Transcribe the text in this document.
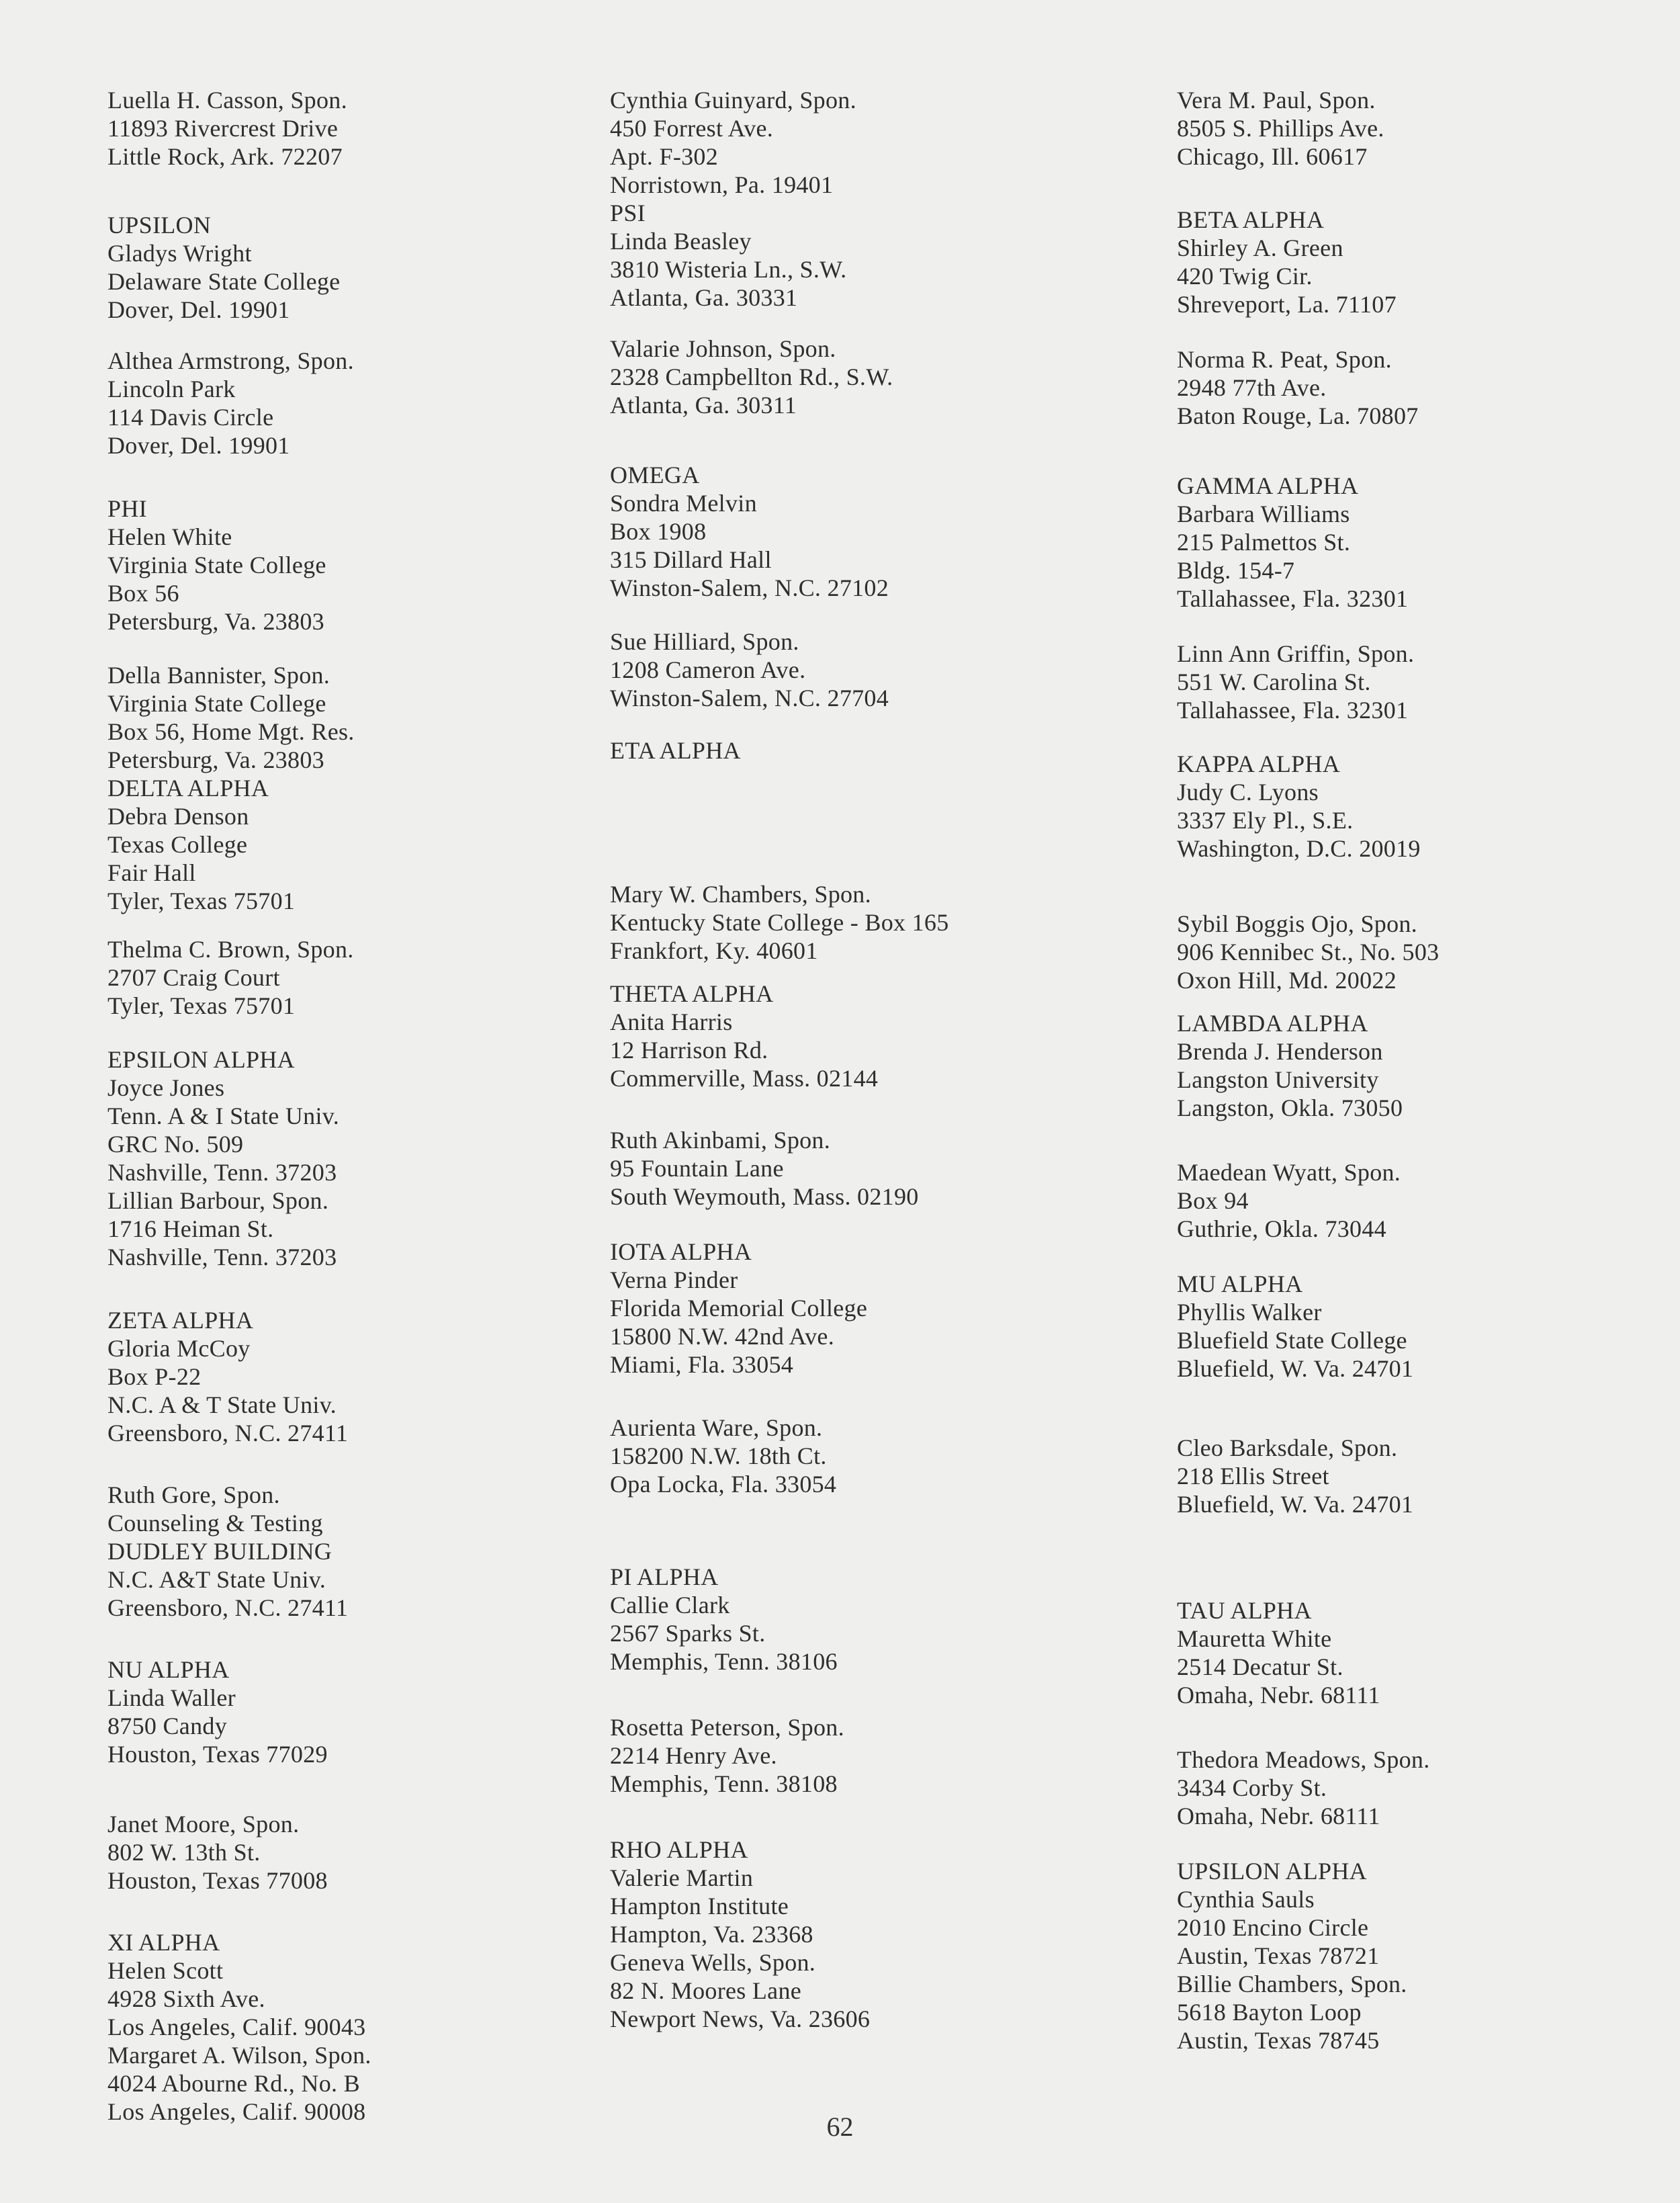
Luella H. Casson, Spon.
11893 Rivercrest Drive
Little Rock, Ark. 72207
UPSILON
Gladys Wright
Delaware State College
Dover, Del. 19901
Althea Armstrong, Spon.
Lincoln Park
114 Davis Circle
Dover, Del. 19901
PHI
Helen White
Virginia State College
Box 56
Petersburg, Va. 23803
Della Bannister, Spon.
Virginia State College
Box 56, Home Mgt. Res.
Petersburg, Va. 23803
DELTA ALPHA
Debra Denson
Texas College
Fair Hall
Tyler, Texas 75701
Thelma C. Brown, Spon.
2707 Craig Court
Tyler, Texas 75701
EPSILON ALPHA
Joyce Jones
Tenn. A & I State Univ.
GRC No. 509
Nashville, Tenn. 37203
Lillian Barbour, Spon.
1716 Heiman St.
Nashville, Tenn. 37203
ZETA ALPHA
Gloria McCoy
Box P-22
N.C. A & T State Univ.
Greensboro, N.C. 27411
Ruth Gore, Spon.
Counseling & Testing
DUDLEY BUILDING
N.C. A&T State Univ.
Greensboro, N.C. 27411
NU ALPHA
Linda Waller
8750 Candy
Houston, Texas 77029
Janet Moore, Spon.
802 W. 13th St.
Houston, Texas 77008
XI ALPHA
Helen Scott
4928 Sixth Ave.
Los Angeles, Calif. 90043
Margaret A. Wilson, Spon.
4024 Abourne Rd., No. B
Los Angeles, Calif. 90008
Cynthia Guinyard, Spon.
450 Forrest Ave.
Apt. F-302
Norristown, Pa. 19401
PSI
Linda Beasley
3810 Wisteria Ln., S.W.
Atlanta, Ga. 30331
Valarie Johnson, Spon.
2328 Campbellton Rd., S.W.
Atlanta, Ga. 30311
OMEGA
Sondra Melvin
Box 1908
315 Dillard Hall
Winston-Salem, N.C. 27102
Sue Hilliard, Spon.
1208 Cameron Ave.
Winston-Salem, N.C. 27704
ETA ALPHA
Mary W. Chambers, Spon.
Kentucky State College - Box 165
Frankfort, Ky. 40601
THETA ALPHA
Anita Harris
12 Harrison Rd.
Commerville, Mass. 02144
Ruth Akinbami, Spon.
95 Fountain Lane
South Weymouth, Mass. 02190
IOTA ALPHA
Verna Pinder
Florida Memorial College
15800 N.W. 42nd Ave.
Miami, Fla. 33054
Aurienta Ware, Spon.
158200 N.W. 18th Ct.
Opa Locka, Fla. 33054
PI ALPHA
Callie Clark
2567 Sparks St.
Memphis, Tenn. 38106
Rosetta Peterson, Spon.
2214 Henry Ave.
Memphis, Tenn. 38108
RHO ALPHA
Valerie Martin
Hampton Institute
Hampton, Va. 23368
Geneva Wells, Spon.
82 N. Moores Lane
Newport News, Va. 23606
Vera M. Paul, Spon.
8505 S. Phillips Ave.
Chicago, Ill. 60617
BETA ALPHA
Shirley A. Green
420 Twig Cir.
Shreveport, La. 71107
Norma R. Peat, Spon.
2948 77th Ave.
Baton Rouge, La. 70807
GAMMA ALPHA
Barbara Williams
215 Palmettos St.
Bldg. 154-7
Tallahassee, Fla. 32301
Linn Ann Griffin, Spon.
551 W. Carolina St.
Tallahassee, Fla. 32301
KAPPA ALPHA
Judy C. Lyons
3337 Ely Pl., S.E.
Washington, D.C. 20019
Sybil Boggis Ojo, Spon.
906 Kennibec St., No. 503
Oxon Hill, Md. 20022
LAMBDA ALPHA
Brenda J. Henderson
Langston University
Langston, Okla. 73050
Maedean Wyatt, Spon.
Box 94
Guthrie, Okla. 73044
MU ALPHA
Phyllis Walker
Bluefield State College
Bluefield, W. Va. 24701
Cleo Barksdale, Spon.
218 Ellis Street
Bluefield, W. Va. 24701
TAU ALPHA
Mauretta White
2514 Decatur St.
Omaha, Nebr. 68111
Thedora Meadows, Spon.
3434 Corby St.
Omaha, Nebr. 68111
UPSILON ALPHA
Cynthia Sauls
2010 Encino Circle
Austin, Texas 78721
Billie Chambers, Spon.
5618 Bayton Loop
Austin, Texas 78745
62
